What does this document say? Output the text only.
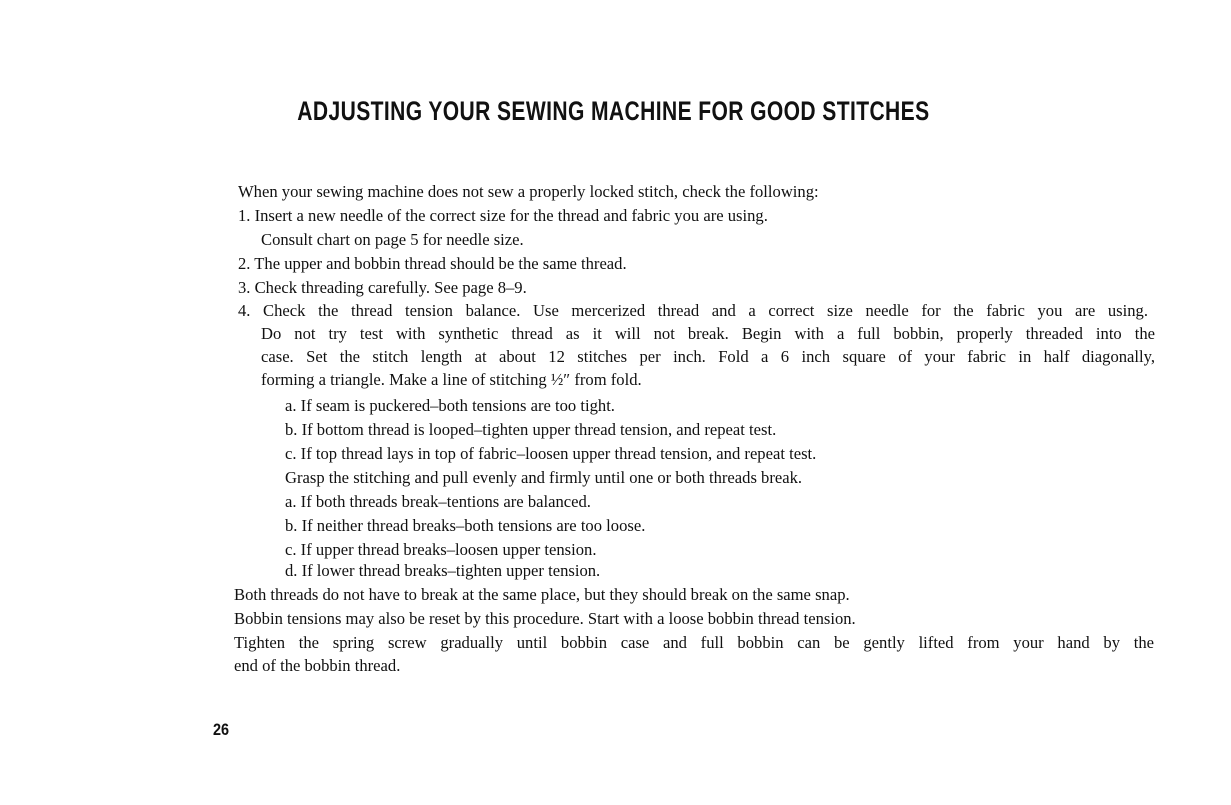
ADJUSTING YOUR SEWING MACHINE FOR GOOD STITCHES
When your sewing machine does not sew a properly locked stitch, check the following:
1. Insert a new needle of the correct size for the thread and fabric you are using.
Consult chart on page 5 for needle size.
2. The upper and bobbin thread should be the same thread.
3. Check threading carefully. See page 8–9.
4. Check the thread tension balance. Use mercerized thread and a correct size needle for the fabric you are using.
Do not try test with synthetic thread as it will not break. Begin with a full bobbin, properly threaded into the
case. Set the stitch length at about 12 stitches per inch. Fold a 6 inch square of your fabric in half diagonally,
forming a triangle. Make a line of stitching ½″ from fold.
a. If seam is puckered–both tensions are too tight.
b. If bottom thread is looped–tighten upper thread tension, and repeat test.
c. If top thread lays in top of fabric–loosen upper thread tension, and repeat test.
Grasp the stitching and pull evenly and firmly until one or both threads break.
a. If both threads break–tentions are balanced.
b. If neither thread breaks–both tensions are too loose.
c. If upper thread breaks–loosen upper tension.
d. If lower thread breaks–tighten upper tension.
Both threads do not have to break at the same place, but they should break on the same snap.
Bobbin tensions may also be reset by this procedure. Start with a loose bobbin thread tension.
Tighten the spring screw gradually until bobbin case and full bobbin can be gently lifted from your hand by the
end of the bobbin thread.
26
